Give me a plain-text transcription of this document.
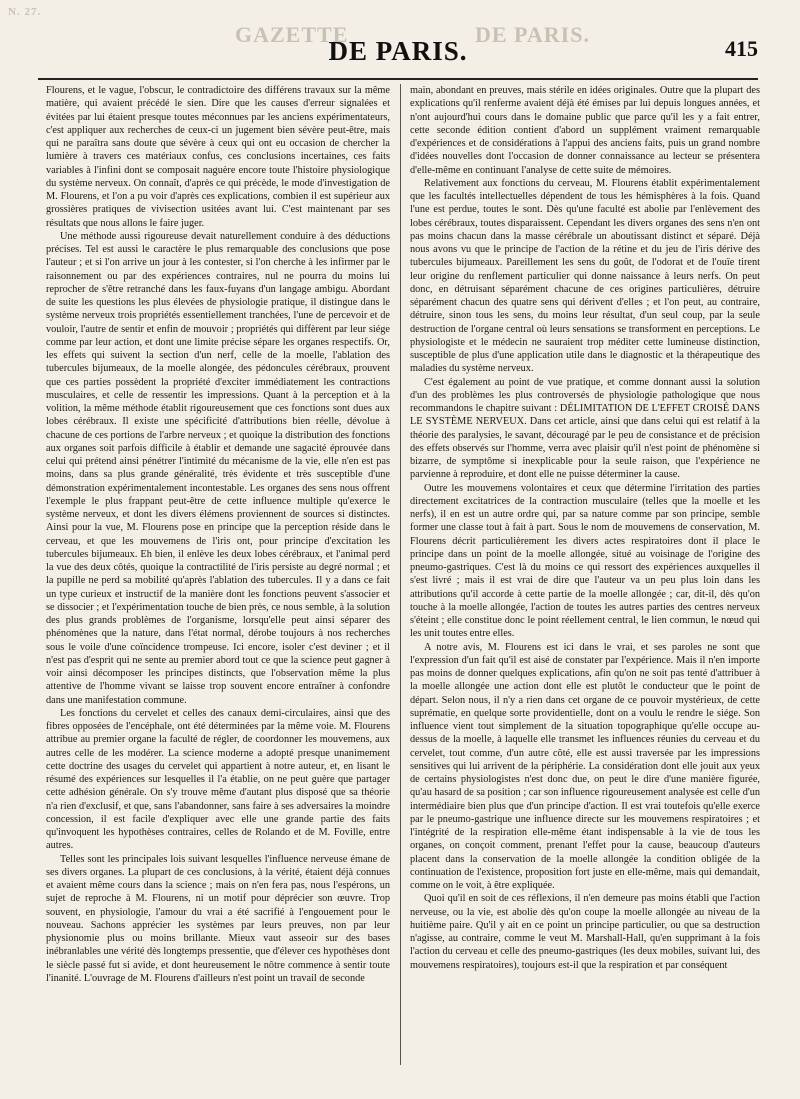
N. 27.
GAZETTE	DE PARIS.
DE PARIS.	415

Flourens, et le vague, l'obscur, le contradictoire des différens travaux sur la même matière, qui avaient précédé le sien. Dire que les causes d'erreur signalées et évitées par lui étaient presque toutes méconnues par les anciens expérimentateurs, c'est appliquer aux recherches de ceux-ci un jugement bien sévère peut-être, mais qui ne paraîtra sans doute que sévère à ceux qui ont eu occasion de chercher la lumière à travers ces matériaux confus, ces conclusions incertaines, ces faits variables à l'infini dont se composait naguère encore toute l'histoire physiologique du système nerveux. On connaît, d'après ce qui précède, le mode d'investigation de M. Flourens, et l'on a pu voir d'après ces explications, combien il est supérieur aux grossières pratiques de vivisection usitées avant lui. C'est maintenant par ses résultats que nous allons le faire juger.

Une méthode aussi rigoureuse devait naturellement conduire à des déductions précises. Tel est aussi le caractère le plus remarquable des conclusions que pose l'auteur ; et si l'on arrive un jour à les contester, si l'on cherche à les infirmer par le raisonnement ou par des expériences contraires, nul ne pourra du moins lui reprocher de s'être retranché dans les faux-fuyans d'un langage ambigu. Abordant de suite les questions les plus élevées de physiologie pratique, il distingue dans le système nerveux trois propriétés essentiellement tranchées, l'une de percevoir et de vouloir, l'autre de sentir et enfin de mouvoir ; propriétés qui diffèrent par leur siége comme par leur action, et dont une limite précise sépare les organes respectifs. Or, les effets qui suivent la section d'un nerf, celle de la moelle, l'ablation des tubercules bijumeaux, de la moelle alongée, des pédoncules cérébraux, prouvent que ces parties possèdent la propriété d'exciter immédiatement les contractions musculaires, et celle de ressentir les impressions. Quant à la perception et à la volition, la même méthode établit rigoureusement que ces fonctions sont dues aux lobes cérébraux. Il existe une spécificité d'attributions bien réelle, dévolue à chacune de ces portions de l'arbre nerveux ; et quoique la distribution des fonctions aux organes soit parfois difficile à établir et demande une sagacité éprouvée dans celui qui prétend ainsi pénétrer l'intimité du mécanisme de la vie, elle n'en est pas moins, dans sa plus grande généralité, très évidente et très susceptible d'une démonstration expérimentalement incontestable. Les organes des sens nous offrent l'exemple le plus frappant peut-être de cette influence multiple qu'exerce le système nerveux, et dont les divers élémens proviennent de sources si distinctes. Ainsi pour la vue, M. Flourens pose en principe que la perception réside dans le cerveau, et que les mouvemens de l'iris ont, pour principe d'excitation les tubercules bijumeaux. Eh bien, il enlève les deux lobes cérébraux, et l'animal perd la vue des deux côtés, quoique la contractilité de l'iris persiste au degré normal ; et la pupille ne perd sa mobilité qu'après l'ablation des tubercules. Il y a dans ce fait un type curieux et instructif de la manière dont les fonctions peuvent s'associer et se dissocier ; et l'expérimentation touche de bien près, ce nous semble, à la solution des plus grands problèmes de l'organisme, lorsqu'elle peut ainsi séparer des phénomènes que la nature, dans l'état normal, dérobe toujours à nos recherches sous le voile d'une coïncidence trompeuse. Ici encore, isoler c'est deviner ; et il n'est pas d'esprit qui ne sente au premier abord tout ce que la science peut gagner à voir ainsi décomposer les principes distincts, que l'observation même la plus attentive de l'homme vivant se laisse trop souvent encore entraîner à confondre dans une manifestation commune.

Les fonctions du cervelet et celles des canaux demi-circulaires, ainsi que des fibres opposées de l'encéphale, ont été déterminées par la même voie. M. Flourens attribue au premier organe la faculté de régler, de coordonner les mouvemens, aux autres celle de les modérer. La science moderne a adopté presque unanimement cette doctrine des usages du cervelet qui appartient à notre auteur, et, en lisant le résumé des expériences sur lesquelles il l'a établie, on ne peut guère que partager cette adhésion générale. On s'y trouve même d'autant plus disposé que sa théorie n'a rien d'exclusif, et que, sans l'abandonner, sans faire à ses adversaires la moindre concession, il est facile d'expliquer avec elle une grande partie des faits qu'invoquent les hypothèses contraires, celles de Rolando et de M. Foville, entre autres.

Telles sont les principales lois suivant lesquelles l'influence nerveuse émane de ses divers organes. La plupart de ces conclusions, à la vérité, étaient déjà connues et avaient même cours dans la science ; mais on n'en fera pas, nous l'espérons, un sujet de reproche à M. Flourens, ni un motif pour déprécier son œuvre. Trop souvent, en physiologie, l'amour du vrai a été sacrifié à l'engouement pour le nouveau. Sachons apprécier les systèmes par leurs preuves, non par leur physionomie plus ou moins brillante. Mieux vaut asseoir sur des bases inébranlables une vérité dès longtemps pressentie, que d'élever ces hypothèses dont le siècle passé fut si avide, et dont heureusement le nôtre commence à sentir toute l'inanité. L'ouvrage de M. Flourens d'ailleurs n'est point un travail de seconde

main, abondant en preuves, mais stérile en idées originales. Outre que la plupart des explications qu'il renferme avaient déjà été émises par lui depuis longues années, et n'ont aujourd'hui cours dans le domaine public que parce qu'il les y a fait entrer, cette seconde édition contient d'abord un supplément vraiment remarquable d'expériences et de considérations à l'appui des anciens faits, puis un grand nombre d'idées nouvelles dont l'occasion de donner connaissance au lecteur se présentera d'elle-même en continuant l'analyse de cette suite de mémoires.

Relativement aux fonctions du cerveau, M. Flourens établit expérimentalement que les facultés intellectuelles dépendent de tous les hémisphères à la fois. Quand l'une est perdue, toutes le sont. Dès qu'une faculté est abolie par l'enlèvement des lobes cérébraux, toutes disparaissent. Cependant les divers organes des sens n'en ont pas moins chacun dans la masse cérébrale un aboutissant distinct et séparé. Déjà nous avons vu que le principe de l'action de la rétine et du jeu de l'iris dérive des tubercules bijumeaux. Pareillement les sens du goût, de l'odorat et de l'ouïe tirent leur origine du renflement particulier qui donne naissance à leurs nerfs. On peut donc, en détruisant séparément chacune de ces origines particulières, détruire séparément chacun des quatre sens qui dérivent d'elles ; et l'on peut, au contraire, détruire, sinon tous les sens, du moins leur résultat, d'un seul coup, par la seule destruction de l'organe central où leurs sensations se transforment en perceptions. Le physiologiste et le médecin ne sauraient trop méditer cette lumineuse distinction, susceptible de plus d'une application utile dans le diagnostic et la thérapeutique des maladies du système nerveux.

C'est également au point de vue pratique, et comme donnant aussi la solution d'un des problèmes les plus controversés de physiologie pathologique que nous recommandons le chapitre suivant : DÉLIMITATION DE L'EFFET CROISÉ DANS LE SYSTÈME NERVEUX. Dans cet article, ainsi que dans celui qui est relatif à la théorie des paralysies, le savant, découragé par le peu de consistance et de précision des effets observés sur l'homme, verra avec plaisir qu'il n'est point de phénomène si bizarre, de symptôme si inexplicable pour la seule raison, que l'expérience ne parvienne à reproduire, et dont elle ne puisse déterminer la cause.

Outre les mouvemens volontaires et ceux que détermine l'irritation des parties directement excitatrices de la contraction musculaire (telles que la moelle et les nerfs), il en est un autre ordre qui, par sa nature comme par son principe, semble former une classe tout à fait à part. Sous le nom de mouvemens de conservation, M. Flourens décrit particulièrement les divers actes respiratoires dont il place le principe dans un point de la moelle allongée, situé au voisinage de l'origine des pneumo-gastriques. C'est là du moins ce qui ressort des expériences auxquelles il s'est livré ; mais il est vrai de dire que l'auteur va un peu plus loin dans les attributions qu'il accorde à cette partie de la moelle allongée ; car, dit-il, dès qu'on touche à la moelle allongée, l'action de toutes les autres parties des centres nerveux s'éteint ; elle constitue donc le point réellement central, le lien commun, le nœud qui les unit toutes entre elles.

A notre avis, M. Flourens est ici dans le vrai, et ses paroles ne sont que l'expression d'un fait qu'il est aisé de constater par l'expérience. Mais il n'en importe pas moins de donner quelques explications, afin qu'on ne soit pas tenté d'attribuer à la moelle allongée une action dont elle est plutôt le conducteur que le point de départ. Selon nous, il n'y a rien dans cet organe de ce pouvoir mystérieux, de cette suprématie, en quelque sorte providentielle, dont on a voulu le rendre le siége. Son influence vient tout simplement de la situation topographique qu'elle occupe au-dessus de la moelle, à laquelle elle transmet les influences réunies du cerveau et du cervelet, tout comme, d'un autre côté, elle est aussi traversée par les impressions sensitives qui lui arrivent de la périphérie. La considération dont elle jouit aux yeux de certains physiologistes n'est donc due, on peut le dire d'une manière figurée, qu'au hasard de sa position ; car son influence rigoureusement analysée est celle d'un intermédiaire bien plus que d'un principe d'action. Il est vrai toutefois qu'elle exerce par le pneumo-gastrique une influence directe sur les mouvemens respiratoires ; et l'intégrité de la respiration elle-même étant indispensable à la vie de tous les organes, on conçoit comment, prenant l'effet pour la cause, beaucoup d'auteurs placent dans la conservation de la moelle allongée la condition obligée de la continuation de l'existence, proposition fort juste en elle-même, mais qui demandait, comme on le voit, à être expliquée.

Quoi qu'il en soit de ces réflexions, il n'en demeure pas moins établi que l'action nerveuse, ou la vie, est abolie dès qu'on coupe la moelle allongée au niveau de la huitième paire. Qu'il y ait en ce point un principe particulier, ou que sa destruction n'agisse, au contraire, comme le veut M. Marshall-Hall, qu'en supprimant à la fois l'action du cerveau et celle des pneumo-gastriques (les deux mobiles, suivant lui, des mouvemens respiratoires), toujours est-il que la respiration et par conséquent
